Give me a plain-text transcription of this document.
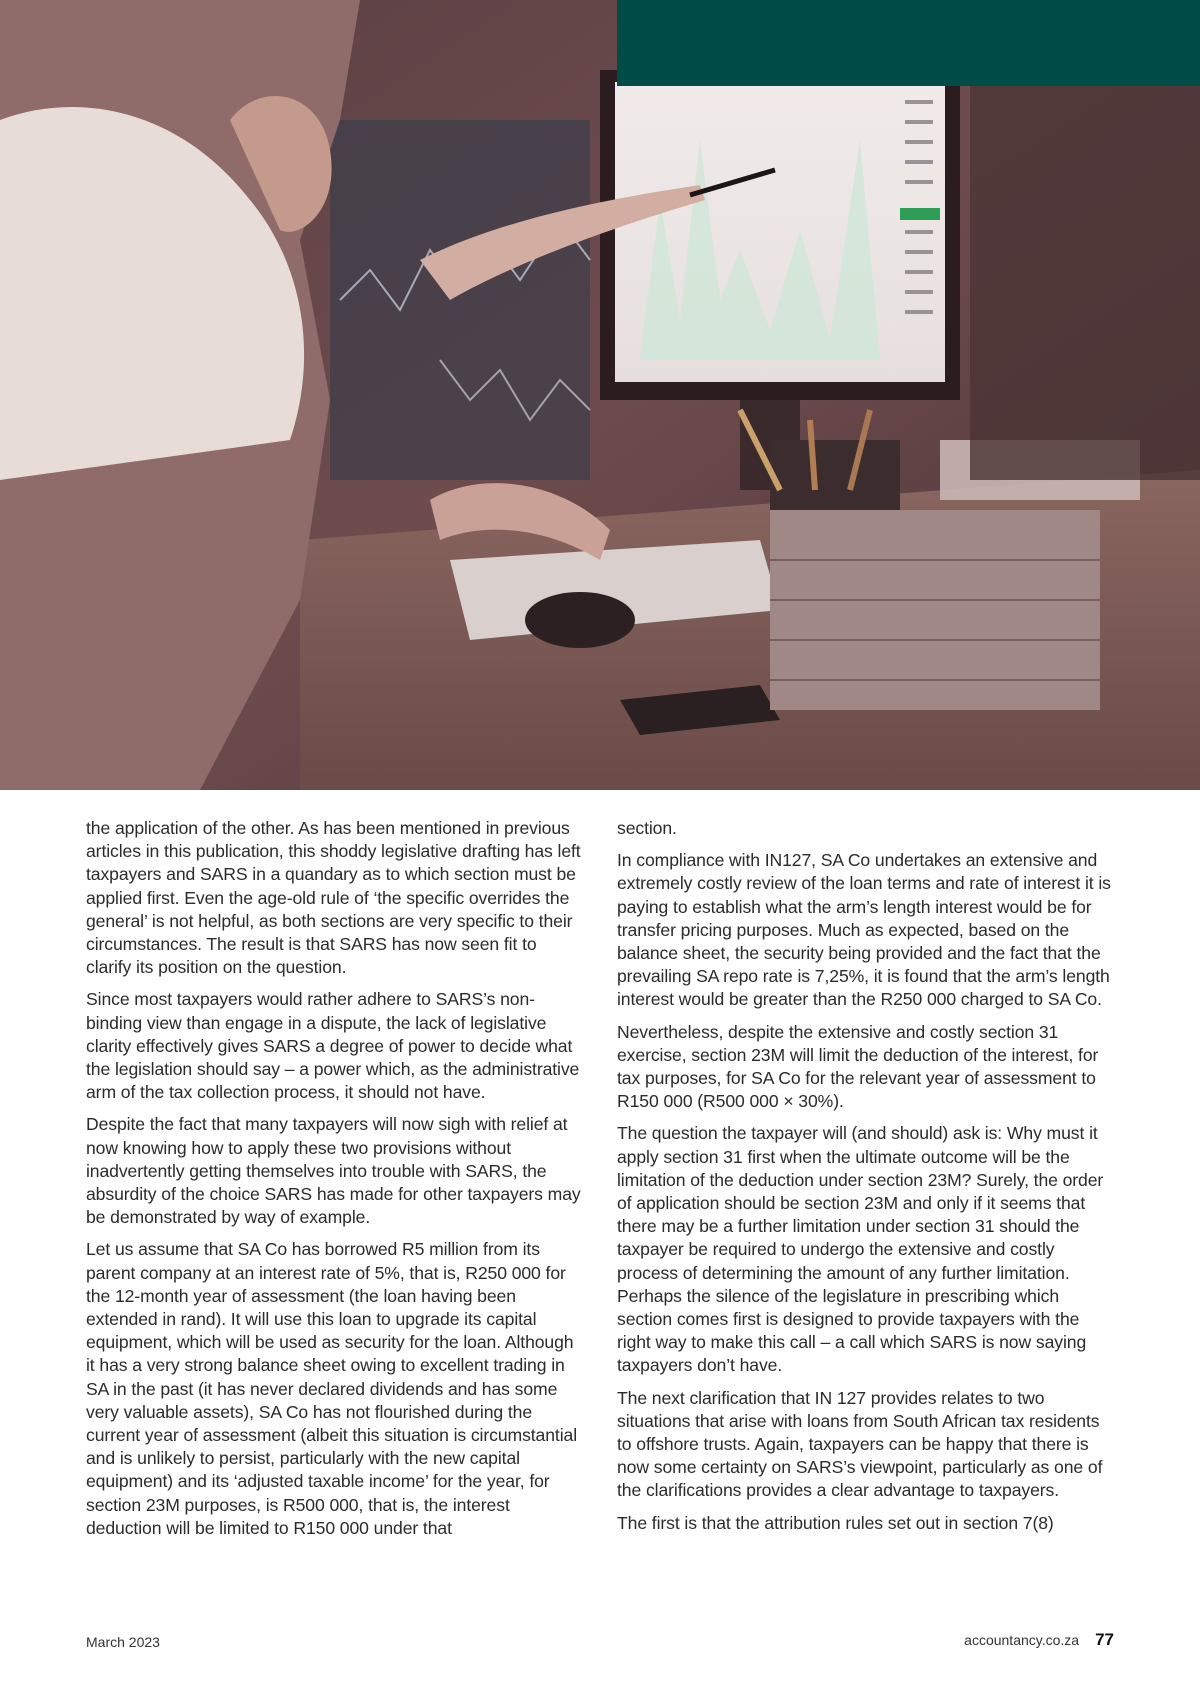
the application of the other. As has been mentioned in previous articles in this publication, this shoddy legislative drafting has left taxpayers and SARS in a quandary as to which section must be applied first. Even the age-old rule of ‘the specific overrides the general’ is not helpful, as both sections are very specific to their circumstances. The result is that SARS has now seen fit to clarify its position on the question.

Since most taxpayers would rather adhere to SARS’s non-binding view than engage in a dispute, the lack of legislative clarity effectively gives SARS a degree of power to decide what the legislation should say – a power which, as the administrative arm of the tax collection process, it should not have.

Despite the fact that many taxpayers will now sigh with relief at now knowing how to apply these two provisions without inadvertently getting themselves into trouble with SARS, the absurdity of the choice SARS has made for other taxpayers may be demonstrated by way of example.

Let us assume that SA Co has borrowed R5 million from its parent company at an interest rate of 5%, that is, R250 000 for the 12-month year of assessment (the loan having been extended in rand). It will use this loan to upgrade its capital equipment, which will be used as security for the loan. Although it has a very strong balance sheet owing to excellent trading in SA in the past (it has never declared dividends and has some very valuable assets), SA Co has not flourished during the current year of assessment (albeit this situation is circumstantial and is unlikely to persist, particularly with the new capital equipment) and its ‘adjusted taxable income’ for the year, for section 23M purposes, is R500 000, that is, the interest deduction will be limited to R150 000 under that

section.

In compliance with IN127, SA Co undertakes an extensive and extremely costly review of the loan terms and rate of interest it is paying to establish what the arm’s length interest would be for transfer pricing purposes. Much as expected, based on the balance sheet, the security being provided and the fact that the prevailing SA repo rate is 7,25%, it is found that the arm’s length interest would be greater than the R250 000 charged to SA Co.

Nevertheless, despite the extensive and costly section 31 exercise, section 23M will limit the deduction of the interest, for tax purposes, for SA Co for the relevant year of assessment to R150 000 (R500 000 × 30%).

The question the taxpayer will (and should) ask is: Why must it apply section 31 first when the ultimate outcome will be the limitation of the deduction under section 23M? Surely, the order of application should be section 23M and only if it seems that there may be a further limitation under section 31 should the taxpayer be required to undergo the extensive and costly process of determining the amount of any further limitation. Perhaps the silence of the legislature in prescribing which section comes first is designed to provide taxpayers with the right way to make this call – a call which SARS is now saying taxpayers don’t have.

The next clarification that IN 127 provides relates to two situations that arise with loans from South African tax residents to offshore trusts. Again, taxpayers can be happy that there is now some certainty on SARS’s viewpoint, particularly as one of the clarifications provides a clear advantage to taxpayers.

The first is that the attribution rules set out in section 7(8)

March 2023	accountancy.co.za 77
